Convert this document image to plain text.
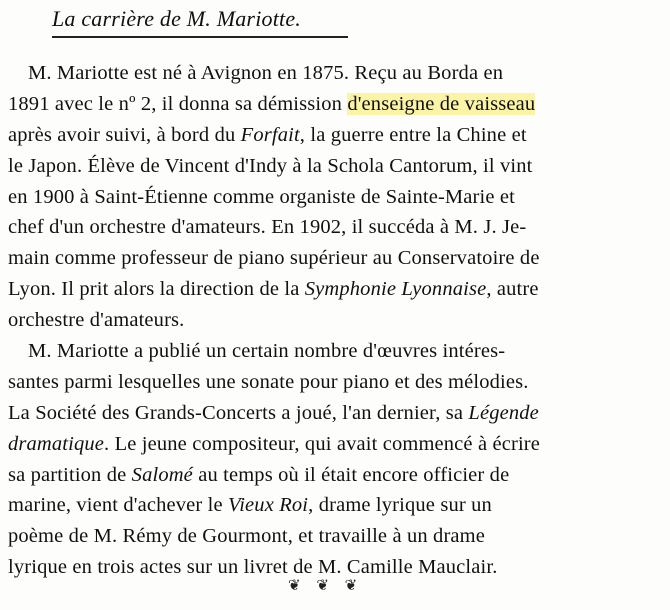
La carrière de M. Mariotte.
M. Mariotte est né à Avignon en 1875. Reçu au Borda en
1891 avec le nº 2, il donna sa démission d'enseigne de vaisseau
après avoir suivi, à bord du Forfait, la guerre entre la Chine et
le Japon. Élève de Vincent d'Indy à la Schola Cantorum, il vint
en 1900 à Saint-Étienne comme organiste de Sainte-Marie et
chef d'un orchestre d'amateurs. En 1902, il succéda à M. J. Je-
main comme professeur de piano supérieur au Conservatoire de
Lyon. Il prit alors la direction de la Symphonie Lyonnaise, autre
orchestre d'amateurs.
M. Mariotte a publié un certain nombre d'œuvres intéres-
santes parmi lesquelles une sonate pour piano et des mélodies.
La Société des Grands-Concerts a joué, l'an dernier, sa Légende
dramatique. Le jeune compositeur, qui avait commencé à écrire
sa partition de Salomé au temps où il était encore officier de
marine, vient d'achever le Vieux Roi, drame lyrique sur un
poème de M. Rémy de Gourmont, et travaille à un drame
lyrique en trois actes sur un livret de M. Camille Mauclair.
❦ ❦ ❦
